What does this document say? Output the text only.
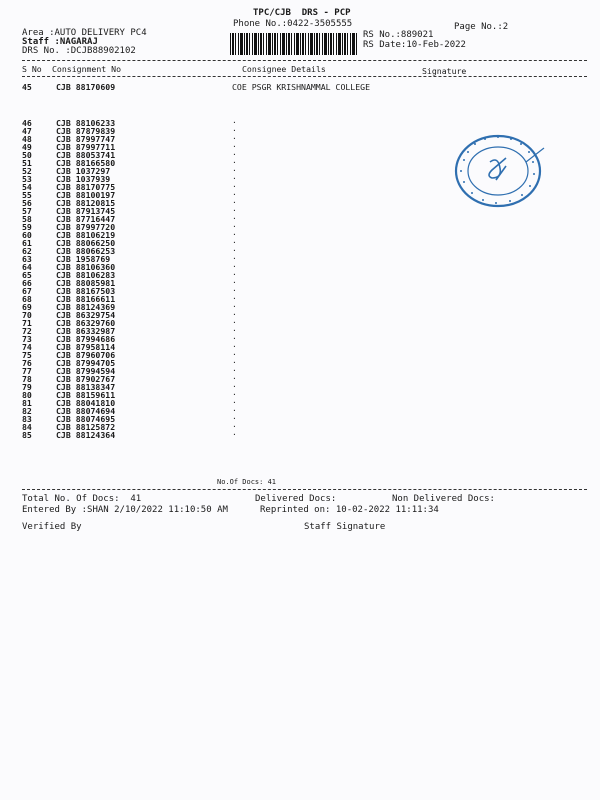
TPC/CJB  DRS - PCP
Phone No.:0422-3505555	Page No.:2
Area :AUTO DELIVERY PC4
Staff :NAGARAJ
DRS No. :DCJB88902102
RS No.:889021
RS Date:10-Feb-2022
S No Consignment No	Consignee Details	Signature
45	CJB 88170609	COE PSGR KRISHNAMMAL COLLEGE
46	CJB 88106233	.
47	CJB 87879839	.
48	CJB 87997747	.
49	CJB 87997711	.
50	CJB 88053741	.
51	CJB 88166580	.
52	CJB 1037297	.
53	CJB 1037939	.
54	CJB 88170775	.
55	CJB 88100197	.
56	CJB 88120815	.
57	CJB 87913745	.
58	CJB 87716447	.
59	CJB 87997720	.
60	CJB 88106219	.
61	CJB 88066250	.
62	CJB 88066253	.
63	CJB 1958769	.
64	CJB 88106360	.
65	CJB 88106283	.
66	CJB 88085981	.
67	CJB 88167503	.
68	CJB 88166611	.
69	CJB 88124369	.
70	CJB 86329754	.
71	CJB 86329760	.
72	CJB 86332987	.
73	CJB 87994686	.
74	CJB 87958114	.
75	CJB 87960706	.
76	CJB 87994705	.
77	CJB 87994594	.
78	CJB 87902767	.
79	CJB 88138347	.
80	CJB 88159611	.
81	CJB 88041810	.
82	CJB 88074694	.
83	CJB 88074695	.
84	CJB 88125872	.
85	CJB 88124364	.
No.Of Docs: 41
Total No. Of Docs:  41	Delivered Docs:	Non Delivered Docs:
Entered By :SHAN 2/10/2022 11:10:50 AM	Reprinted on: 10-02-2022 11:11:34
Verified By	Staff Signature
